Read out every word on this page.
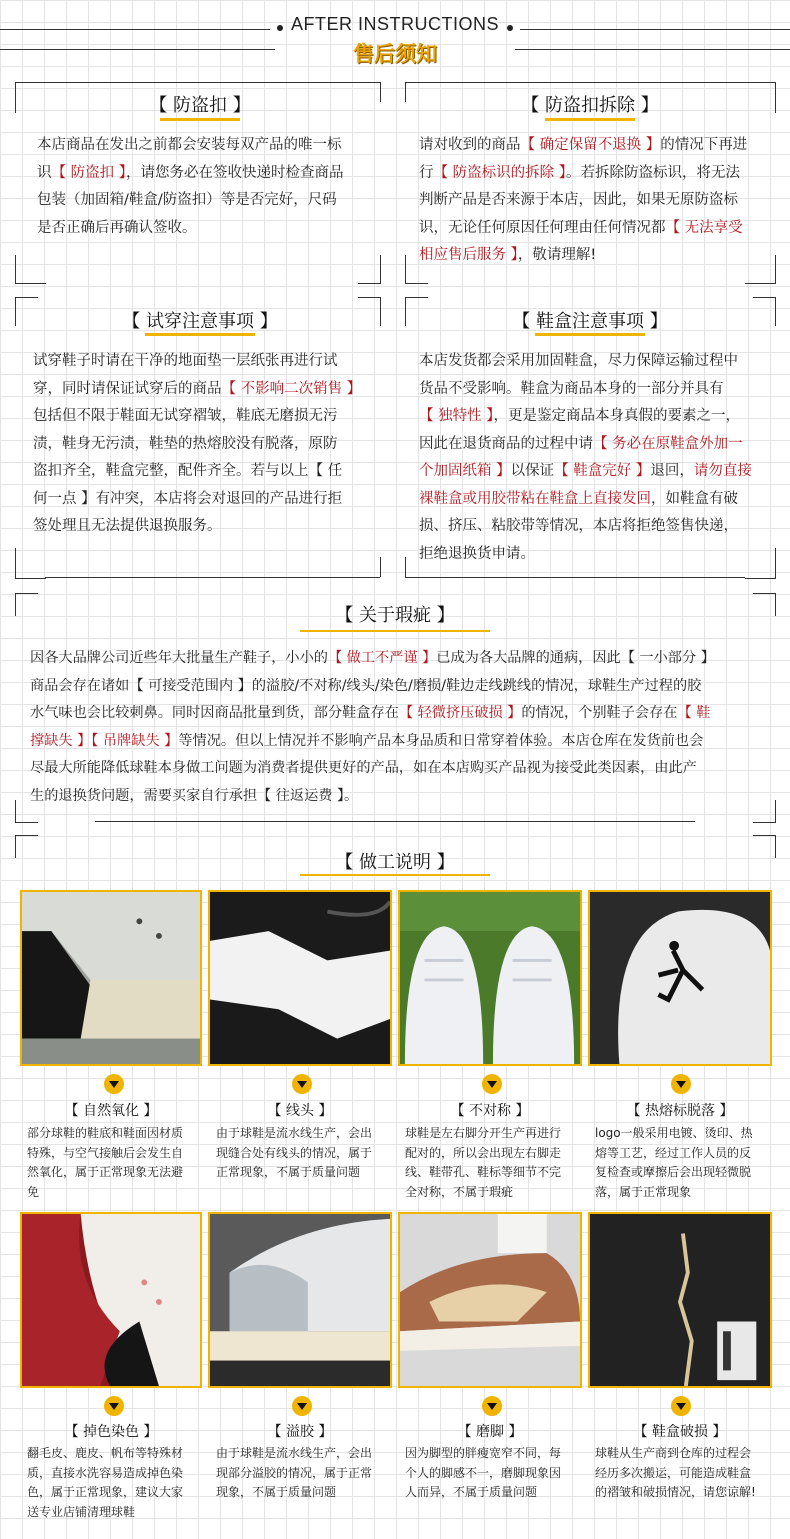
AFTER INSTRUCTIONS
售后须知
【 防盗扣 】
本店商品在发出之前都会安装每双产品的唯一标
识【 防盗扣 】，请您务必在签收快递时检查商品
包装（加固箱/鞋盒/防盗扣）等是否完好，尺码
是否正确后再确认签收。
【 防盗扣拆除 】
请对收到的商品【 确定保留不退换 】的情况下再进
行【 防盗标识的拆除 】。若拆除防盗标识，将无法
判断产品是否来源于本店，因此，如果无原防盗标
识，无论任何原因任何理由任何情况都【 无法享受
相应售后服务 】，敬请理解!
【 试穿注意事项 】
试穿鞋子时请在干净的地面垫一层纸张再进行试
穿，同时请保证试穿后的商品【 不影响二次销售 】
包括但不限于鞋面无试穿褶皱，鞋底无磨损无污
渍，鞋身无污渍，鞋垫的热熔胶没有脱落，原防
盗扣齐全，鞋盒完整，配件齐全。若与以上【 任
何一点 】有冲突，本店将会对退回的产品进行拒
签处理且无法提供退换服务。
【 鞋盒注意事项 】
本店发货都会采用加固鞋盒，尽力保障运输过程中
货品不受影响。鞋盒为商品本身的一部分并具有
【 独特性 】，更是鉴定商品本身真假的要素之一，
因此在退货商品的过程中请【 务必在原鞋盒外加一
个加固纸箱 】以保证【 鞋盒完好 】退回，请勿直接
裸鞋盒或用胶带粘在鞋盒上直接发回，如鞋盒有破
损、挤压、粘胶带等情况，本店将拒绝签售快递，
拒绝退换货申请。
【 关于瑕疵 】
因各大品牌公司近些年大批量生产鞋子，小小的【 做工不严谨 】已成为各大品牌的通病，因此【 一小部分 】
商品会存在诸如【 可接受范围内 】的溢胶/不对称/线头/染色/磨损/鞋边走线跳线的情况，球鞋生产过程的胶
水气味也会比较刺鼻。同时因商品批量到货，部分鞋盒存在【 轻微挤压破损 】的情况，个别鞋子会存在【 鞋
撑缺失 】【 吊牌缺失 】等情况。但以上情况并不影响产品本身品质和日常穿着体验。本店仓库在发货前也会
尽最大所能降低球鞋本身做工问题为消费者提供更好的产品，如在本店购买产品视为接受此类因素，由此产
生的退换货问题，需要买家自行承担【 往返运费 】。
【 做工说明 】
【 自然氧化 】	【 线头 】	【 不对称 】	【 热熔标脱落 】
部分球鞋的鞋底和鞋面因材质
特殊，与空气接触后会发生自
然氧化，属于正常现象无法避
免
由于球鞋是流水线生产，会出
现缝合处有线头的情况，属于
正常现象，不属于质量问题
球鞋是左右脚分开生产再进行
配对的，所以会出现左右脚走
线、鞋带孔、鞋标等细节不完
全对称，不属于瑕疵
logo一般采用电镀、烫印、热
熔等工艺，经过工作人员的反
复检查或摩擦后会出现轻微脱
落，属于正常现象
【 掉色染色 】	【 溢胶 】	【 磨脚 】	【 鞋盒破损 】
翻毛皮、鹿皮、帆布等特殊材
质，直接水洗容易造成掉色染
色，属于正常现象，建议大家
送专业店铺清理球鞋
由于球鞋是流水线生产，会出
现部分溢胶的情况，属于正常
现象，不属于质量问题
因为脚型的胖瘦宽窄不同，每
个人的脚感不一，磨脚现象因
人而异，不属于质量问题
球鞋从生产商到仓库的过程会
经历多次搬运，可能造成鞋盒
的褶皱和破损情况，请您谅解!
